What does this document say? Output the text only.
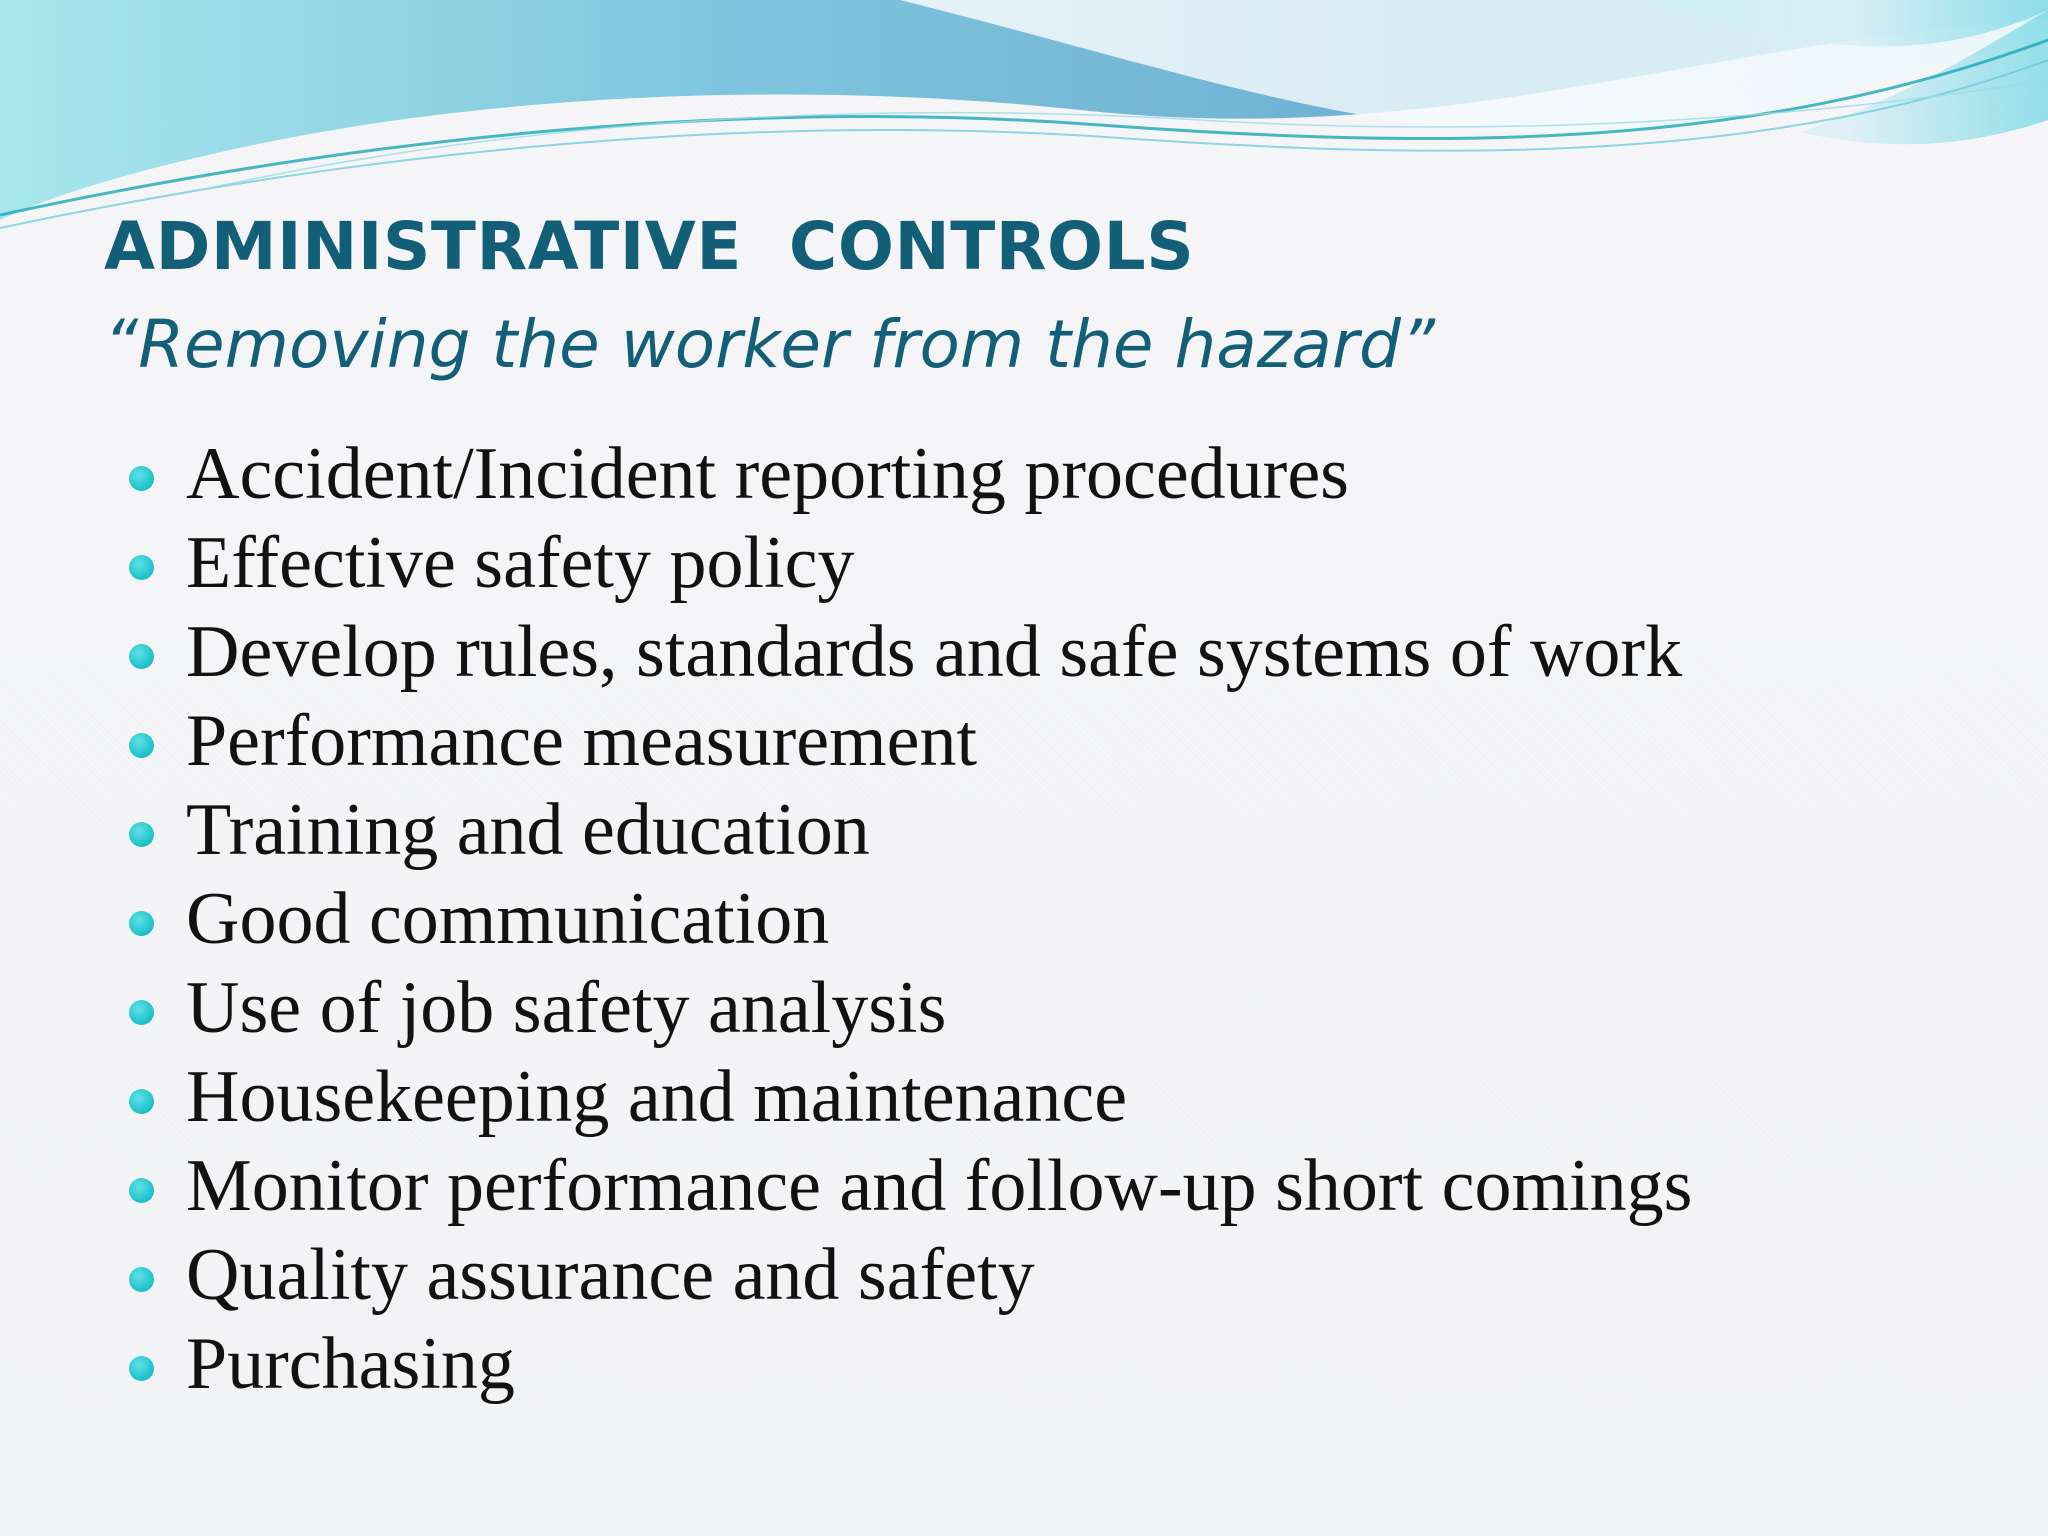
ADMINISTRATIVE  CONTROLS

“Removing the worker from the hazard”

Accident/Incident reporting procedures
Effective safety policy
Develop rules, standards and safe systems of work
Performance measurement
Training and education
Good communication
Use of job safety analysis
Housekeeping and maintenance
Monitor performance and follow-up short comings
Quality assurance and safety
Purchasing
